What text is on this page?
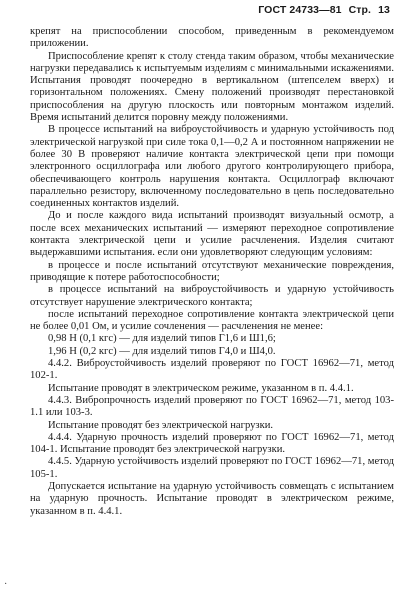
ГОСТ 24733—81 Стр. 13

крепят на приспособлении способом, приведенным в рекомендуемом приложении.

Приспособление крепят к столу стенда таким образом, чтобы механические нагрузки передавались к испытуемым изделиям с минимальными искажениями. Испытания проводят поочередно в вертикальном (штепселем вверх) и горизонтальном положениях. Смену положений производят перестановкой приспособления на другую плоскость или повторным монтажом изделий. Время испытаний делится поровну между положениями.

В процессе испытаний на виброустойчивость и ударную устойчивость под электрической нагрузкой при силе тока 0,1—0,2 А и постоянном напряжении не более 30 В проверяют наличие контакта электрической цепи при помощи электронного осциллографа или любого другого контролирующего прибора, обеспечивающего контроль нарушения контакта. Осциллограф включают параллельно резистору, включенному последовательно в цепь последовательно соединенных контактов изделий.

До и после каждого вида испытаний производят визуальный осмотр, а после всех механических испытаний — измеряют переходное сопротивление контакта электрической цепи и усилие расчленения. Изделия считают выдержавшими испытания. если они удовлетворяют следующим условиям:

в процессе и после испытаний отсутствуют механические повреждения, приводящие к потере работоспособности;

в процессе испытаний на виброустойчивость и ударную устойчивость отсутствует нарушение электрического контакта;

после испытаний переходное сопротивление контакта электрической цепи не более 0,01 Ом, и усилие сочленения — расчленения не менее:

0,98 Н (0,1 кгс) — для изделий типов Г1,6 и Ш1,6;

1,96 Н (0,2 кгс) — для изделий типов Г4,0 и Ш4,0.

4.4.2. Виброустойчивость изделий проверяют по ГОСТ 16962—71, метод 102-1.

Испытание проводят в электрическом режиме, указанном в п. 4.4.1.

4.4.3. Вибропрочность изделий проверяют по ГОСТ 16962—71, метод 103-1.1 или 103-3.

Испытание проводят без электрической нагрузки.

4.4.4. Ударную прочность изделий проверяют по ГОСТ 16962—71, метод 104-1. Испытание проводят без электрической нагрузки.

4.4.5. Ударную устойчивость изделий проверяют по ГОСТ 16962—71, метод 105-1.

Допускается испытание на ударную устойчивость совмещать с испытанием на ударную прочность. Испытание проводят в электрическом режиме, указанном в п. 4.4.1.

·
